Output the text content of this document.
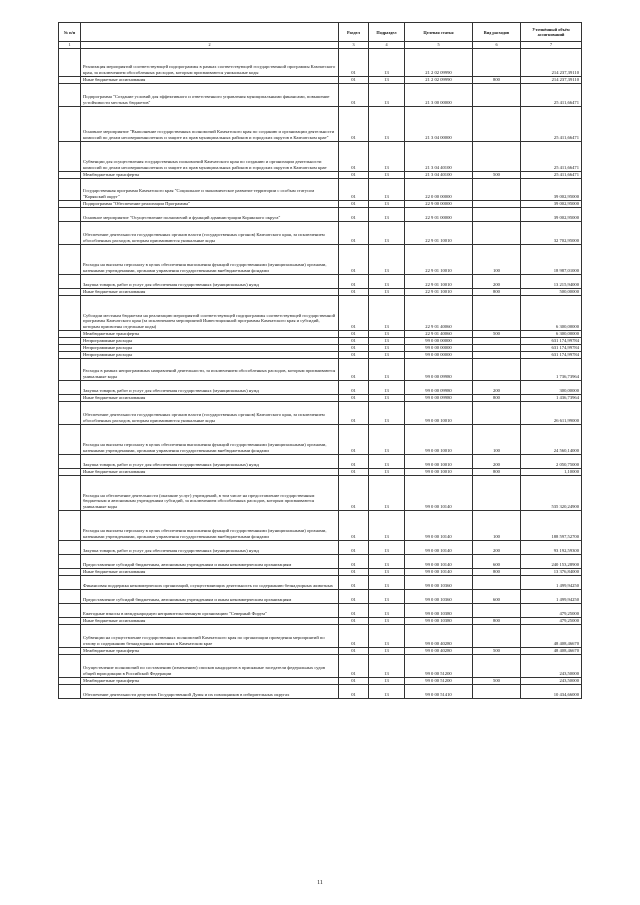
№ п/п		Раздел	Подраздел	Целевая статья	Вид расходов	Уточнённый объём ассигнований
1	2	3	4	5	6	7
	Реализация мероприятий соответствующей подпрограммы в рамках соответствующей государственной программы Камчатского края, за исключением обособленных расходов, которым присваиваются уникальные коды	01	13	21 2 02 09990		214 237,39110
	Иные бюджетные ассигнования	01	13	21 2 02 09990	800	214 237,39110
	Подпрограмма "Создание условий для эффективного и ответственного управления муниципальными финансами, повышение устойчивости местных бюджетов"	01	13	21 3 00 00000		25 411,66471
	Основное мероприятие "Выполнение государственных полномочий Камчатского края по созданию и организации деятельности комиссий по делам несовершеннолетних и защите их прав муниципальных районов и городских округов в Камчатском крае"	01	13	21 3 04 00000		25 411,66471
	Субвенции для осуществления государственных полномочий Камчатского края по созданию и организации деятельности комиссий по делам несовершеннолетних и защите их прав муниципальных районов и городских округов в Камчатском крае	01	13	21 3 04 40100		25 411,66471
	Межбюджетные трансферты	01	13	21 3 04 40100	500	25 411,66471
	Государственная программа Камчатского края "Социальное и экономическое развитие территории с особым статусом "Корякский округ"	01	13	22 0 00 00000		39 002,95000
	Подпрограмма "Обеспечение реализации Программы"	01	13	22 9 00 00000		39 002,95000
	Основное мероприятие "Осуществление полномочий и функций администрации Корякского округа"	01	13	22 9 01 00000		39 002,95000
	Обеспечение деятельности государственных органов власти (государственных органов) Камчатского края, за исключением обособленных расходов, которым присваиваются уникальные коды	01	13	22 9 01 10010		32 702,95000
	Расходы на выплаты персоналу в целях обеспечения выполнения функций государственными (муниципальными) органами, казенными учреждениями, органами управления государственными внебюджетными фондами	01	13	22 9 01 10010	100	18 987,01000
	Закупка товаров, работ и услуг для обеспечения государственных (муниципальных) нужд	01	13	22 9 01 10010	200	13 215,94000
	Иные бюджетные ассигнования	01	13	22 9 01 10010	800	500,00000
	Субсидии местным бюджетам на реализацию мероприятий соответствующей подпрограммы соответствующей государственной программы Камчатского края (за исключением мероприятий Инвестиционной программы Камчатского края и субсидий, которым присвоены отдельные коды)	01	13	22 9 01 40060		6 300,00000
	Межбюджетные трансферты	01	13	22 9 01 40060	500	6 300,00000
	Непрограммные расходы	01	13	99 0 00 00000		631 174,99784
	Непрограммные расходы	01	13	99 0 00 00000		631 174,99784
	Непрограммные расходы	01	13	99 0 00 00000		631 174,99784
	Расходы в рамках непрограммных направлений деятельности, за исключением обособленных расходов, которым присваиваются уникальные коды	01	13	99 0 00 09980		1 736,73964
	Закупка товаров, работ и услуг для обеспечения государственных (муниципальных) нужд	01	13	99 0 00 09980	200	300,00000
	Иные бюджетные ассигнования	01	13	99 0 00 09980	800	1 436,73964
	Обеспечение деятельности государственных органов власти (государственных органов) Камчатского края, за исключением обособленных расходов, которым присваиваются уникальные коды	01	13	99 0 00 10010		26 611,99000
	Расходы на выплаты персоналу в целях обеспечения выполнения функций государственными (муниципальными) органами, казенными учреждениями, органами управления государственными внебюджетными фондами	01	13	99 0 00 10010	100	24 560,14000
	Закупка товаров, работ и услуг для обеспечения государственных (муниципальных) нужд	01	13	99 0 00 10010	200	2 050,75000
	Иные бюджетные ассигнования	01	13	99 0 00 10010	800	1,10000
	Расходы на обеспечение деятельности (оказание услуг) учреждений, в том числе на предоставление государственным бюджетным и автономным учреждениям субсидий, за исключением обособленных расходов, которым присваиваются уникальные коды	01	13	99 0 00 10140		535 320,24900
	Расходы на выплаты персоналу в целях обеспечения выполнения функций государственными (муниципальными) органами, казенными учреждениями, органами управления государственными внебюджетными фондами	01	13	99 0 00 10140	100	188 597,52700
	Закупка товаров, работ и услуг для обеспечения государственных (муниципальных) нужд	01	13	99 0 00 10140	200	93 192,59300
	Предоставление субсидий бюджетным, автономным учреждениям и иным некоммерческим организациям	01	13	99 0 00 10140	600	240 153,28900
	Иные бюджетные ассигнования	01	13	99 0 00 10140	800	13 376,84000
	Финансовая поддержка некоммерческих организаций, осуществляющих деятельность по содержанию безнадзорных животных	01	13	99 0 00 10360		1 499,94250
	Предоставление субсидий бюджетным, автономным учреждениям и иным некоммерческим организациям	01	13	99 0 00 10360	600	1 499,94250
	Ежегодные взносы в международную неправительственную организацию "Северный Форум"	01	13	99 0 00 10380		479,25000
	Иные бюджетные ассигнования	01	13	99 0 00 10380	800	479,25000
	Субвенции на осуществление государственных полномочий Камчатского края по организации проведения мероприятий по отлову и содержанию безнадзорных животных в Камчатском крае	01	13	99 0 00 40280		48 408,46670
	Межбюджетные трансферты	01	13	99 0 00 40280	500	48 408,46670
	Осуществление полномочий по составлению (изменению) списков кандидатов в присяжные заседатели федеральных судов общей юрисдикции в Российской Федерации	01	13	99 0 00 51200		243,50000
	Межбюджетные трансферты	01	13	99 0 00 51200	500	243,50000
	Обеспечение деятельности депутатов Государственной Думы и их помощников в избирательных округах	01	13	99 0 00 51410		10 434,66000
11
